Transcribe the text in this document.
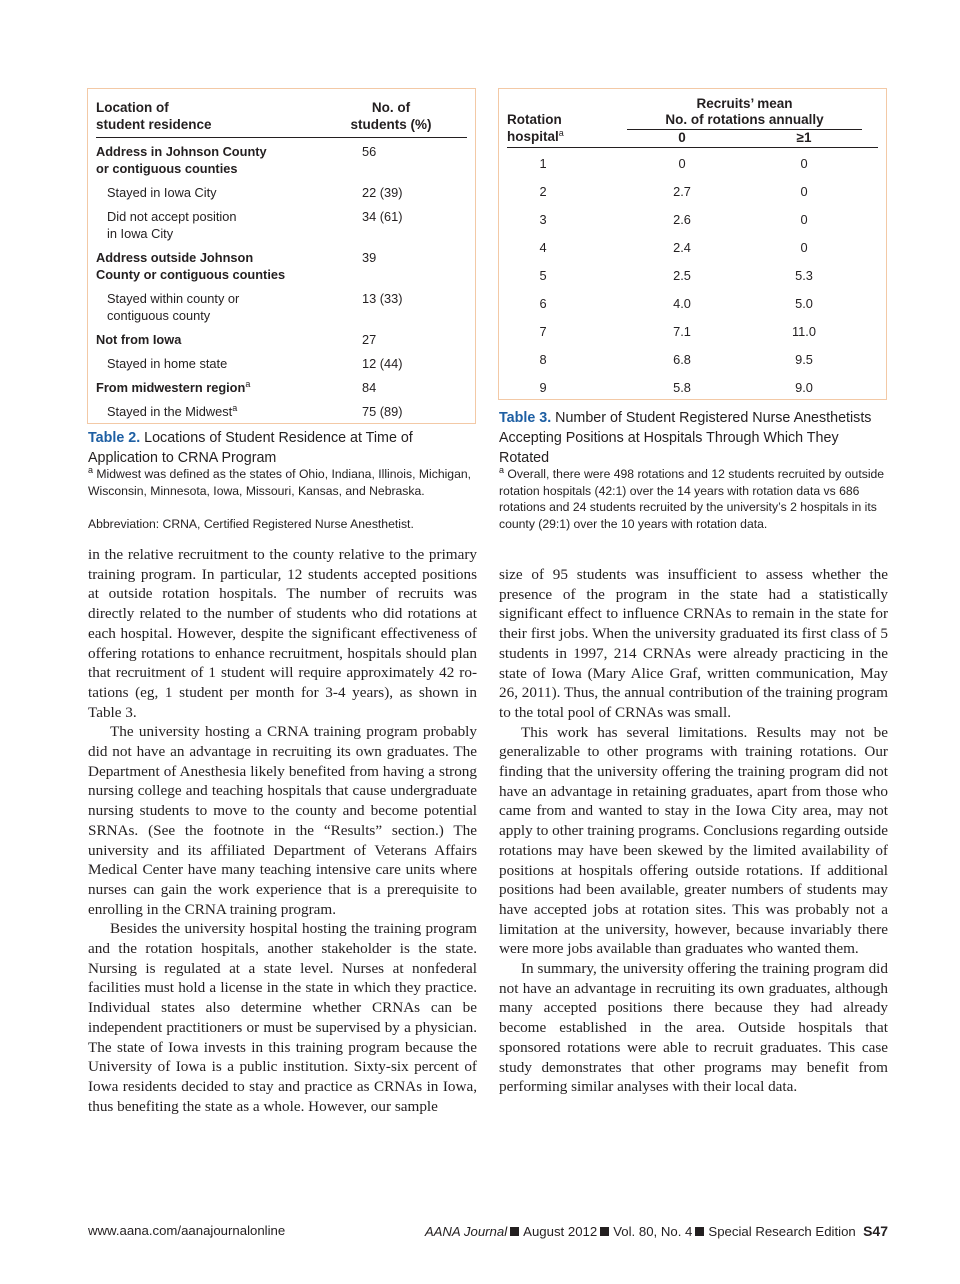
Location of
student residence
No. of
students (%)
Address in Johnson County
or contiguous counties
56
Stayed in Iowa City	22 (39)
Did not accept position
in Iowa City
34 (61)
Address outside Johnson
County or contiguous counties
39
Stayed within county or
contiguous county
13 (33)
Not from Iowa	27
Stayed in home state	12 (44)
From midwestern region$^a$	84
Stayed in the Midwest$^a$	75 (89)
Table 2. Locations of Student Residence at Time of Application to CRNA Program
$^a$ Midwest was defined as the states of Ohio, Indiana, Illinois, Michigan, Wisconsin, Minnesota, Iowa, Missouri, Kansas, and Nebraska.
Abbreviation: CRNA, Certified Registered Nurse Anesthetist.
Rotation
hospital$^a$
Recruits’ mean
No. of rotations annually
0	≥1
1	0	0
2	2.7	0
3	2.6	0
4	2.4	0
5	2.5	5.3
6	4.0	5.0
7	7.1	11.0
8	6.8	9.5
9	5.8	9.0
Table 3. Number of Student Registered Nurse Anesthetists Accepting Positions at Hospitals Through Which They Rotated
$^a$ Overall, there were 498 rotations and 12 students recruited by outside rotation hospitals (42:1) over the 14 years with rotation data vs 686 rotations and 24 students recruited by the university’s 2 hospitals in its county (29:1) over the 10 years with rotation data.

in the relative recruitment to the county relative to the primary training program. In particular, 12 students accepted positions at outside rotation hospitals. The number of recruits was directly related to the number of students who did rotations at each hospital. However, despite the significant effectiveness of offering rotations to enhance recruitment, hospitals should plan that recruitment of 1 student will require approximately 42 rotations (eg, 1 student per month for 3-4 years), as shown in Table 3.

The university hosting a CRNA training program probably did not have an advantage in recruiting its own graduates. The Department of Anesthesia likely benefited from having a strong nursing college and teaching hospitals that cause undergraduate nursing students to move to the county and become potential SRNAs. (See the footnote in the “Results” section.) The university and its affiliated Department of Veterans Affairs Medical Center have many teaching intensive care units where nurses can gain the work experience that is a prerequisite to enrolling in the CRNA training program.

Besides the university hospital hosting the training program and the rotation hospitals, another stakeholder is the state. Nursing is regulated at a state level. Nurses at nonfederal facilities must hold a license in the state in which they practice. Individual states also determine whether CRNAs can be independent practitioners or must be supervised by a physician. The state of Iowa invests in this training program because the University of Iowa is a public institution. Sixty-six percent of Iowa residents decided to stay and practice as CRNAs in Iowa, thus benefiting the state as a whole. However, our sample

size of 95 students was insufficient to assess whether the presence of the program in the state had a statistically significant effect to influence CRNAs to remain in the state for their first jobs. When the university graduated its first class of 5 students in 1997, 214 CRNAs were already practicing in the state of Iowa (Mary Alice Graf, written communication, May 26, 2011). Thus, the annual contribution of the training program to the total pool of CRNAs was small.

This work has several limitations. Results may not be generalizable to other programs with training rotations. Our finding that the university offering the training program did not have an advantage in retaining graduates, apart from those who came from and wanted to stay in the Iowa City area, may not apply to other training programs. Conclusions regarding outside rotations may have been skewed by the limited availability of positions at hospitals offering outside rotations. If additional positions had been available, greater numbers of students may have accepted jobs at rotation sites. This was probably not a limitation at the university, however, because invariably there were more jobs available than graduates who wanted them.

In summary, the university offering the training program did not have an advantage in recruiting its own graduates, although many accepted positions there because they had already become established in the area. Outside hospitals that sponsored rotations were able to recruit graduates. This case study demonstrates that other programs may benefit from performing similar analyses with their local data.

www.aana.com/aanajournalonline	AANA Journal August 2012 Vol. 80, No. 4 Special Research Edition S47
